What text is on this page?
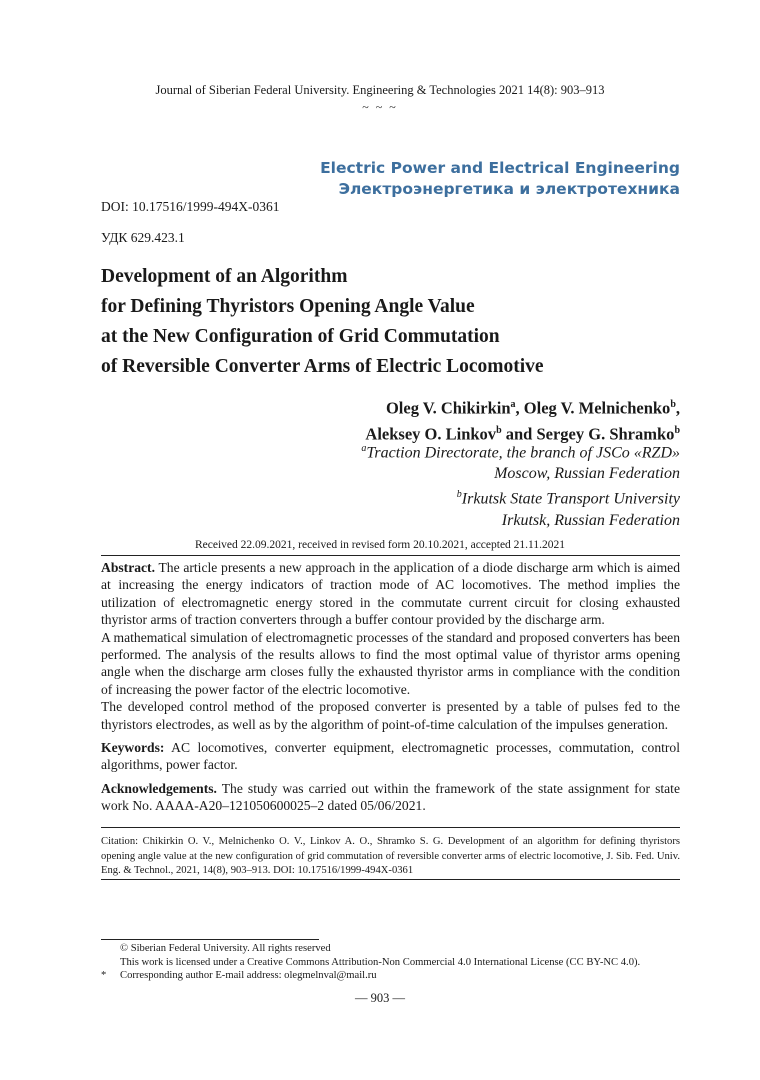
Journal of Siberian Federal University. Engineering & Technologies 2021 14(8): 903–913
~ ~ ~
Electric Power and Electrical Engineering
Электроэнергетика и электротехника
DOI: 10.17516/1999-494X-0361
УДК 629.423.1
Development of an Algorithm
for Defining Thyristors Opening Angle Value
at the New Configuration of Grid Commutation
of Reversible Converter Arms of Electric Locomotive
Oleg V. Chikirkin$^a$, Oleg V. Melnichenko$^b$,
Aleksey O. Linkov$^b$ and Sergey G. Shramko$^b$
$^a$Traction Directorate, the branch of JSCo «RZD»
Moscow, Russian Federation
$^b$Irkutsk State Transport University
Irkutsk, Russian Federation
Received 22.09.2021, received in revised form 20.10.2021, accepted 21.11.2021

Abstract. The article presents a new approach in the application of a diode discharge arm which is aimed at increasing the energy indicators of traction mode of AC locomotives. The method implies the utilization of electromagnetic energy stored in the commutate current circuit for closing exhausted thyristor arms of traction converters through a buffer contour provided by the discharge arm.

A mathematical simulation of electromagnetic processes of the standard and proposed converters has been performed. The analysis of the results allows to find the most optimal value of thyristor arms opening angle when the discharge arm closes fully the exhausted thyristor arms in compliance with the condition of increasing the power factor of the electric locomotive.

The developed control method of the proposed converter is presented by a table of pulses fed to the thyristors electrodes, as well as by the algorithm of point-of-time calculation of the impulses generation.

Keywords: AC locomotives, converter equipment, electromagnetic processes, commutation, control algorithms, power factor.
Acknowledgements. The study was carried out within the framework of the state assignment for state work No. AAAA-A20–121050600025–2 dated 05/06/2021.
Citation: Chikirkin O. V., Melnichenko O. V., Linkov A. O., Shramko S. G. Development of an algorithm for defining thyristors opening angle value at the new configuration of grid commutation of reversible converter arms of electric locomotive, J. Sib. Fed. Univ. Eng. & Technol., 2021, 14(8), 903–913. DOI: 10.17516/1999-494X-0361
© Siberian Federal University. All rights reserved
This work is licensed under a Creative Commons Attribution-Non Commercial 4.0 International License (CC BY-NC 4.0).
*	Corresponding author E-mail address: olegmelnval@mail.ru
— 903 —
